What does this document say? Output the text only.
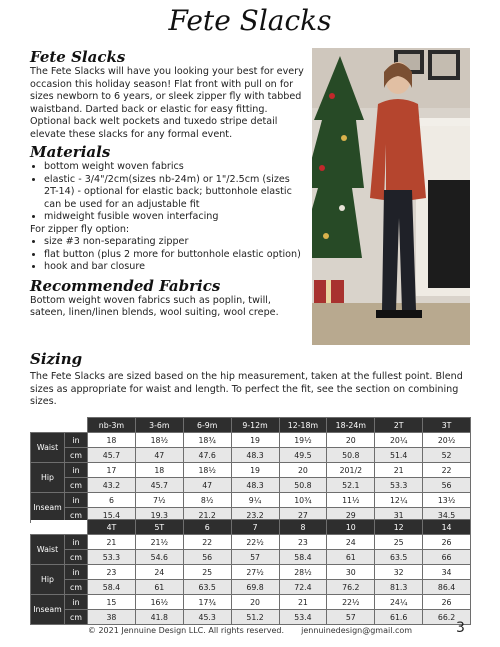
Fete Slacks
Fete Slacks

The Fete Slacks will have you looking your best for every occasion this holiday season! Flat front with pull on for sizes newborn to 6 years, or sleek zipper fly with tabbed waistband. Darted back or elastic for easy fitting. Optional back welt pockets and tuxedo stripe detail elevate these slacks for any formal event.

Materials
• bottom weight woven fabrics
• elastic - 3/4"/2cm(sizes nb-24m) or 1"/2.5cm (sizes 2T-14) - optional for elastic back; buttonhole elastic can be used for an adjustable fit
• midweight fusible woven interfacing

For zipper fly option:

• size #3 non-separating zipper
• flat button (plus 2 more for buttonhole elastic option)
• hook and bar closure
Recommended Fabrics

Bottom weight woven fabrics such as poplin, twill, sateen, linen/linen blends, wool suiting, wool crepe.

Sizing

The Fete Slacks are sized based on the hip measurement, taken at the fullest point. Blend sizes as appropriate for waist and length. To perfect the fit, see the section on combining sizes.

		nb-3m	3-6m	6-9m	9-12m	12-18m	18-24m	2T	3T
Waist	in	18	18½	18¾	19	19½	20	20¼	20½
	cm	45.7	47	47.6	48.3	49.5	50.8	51.4	52
Hip	in	17	18	18½	19	20	201/2	21	22
	cm	43.2	45.7	47	48.3	50.8	52.1	53.3	56
Inseam	in	6	7½	8½	9¼	10¾	11½	12¼	13½
	cm	15.4	19.3	21.2	23.2	27	29	31	34.5
		4T	5T	6	7	8	10	12	14
Waist	in	21	21½	22	22½	23	24	25	26
	cm	53.3	54.6	56	57	58.4	61	63.5	66
Hip	in	23	24	25	27½	28½	30	32	34
	cm	58.4	61	63.5	69.8	72.4	76.2	81.3	86.4
Inseam	in	15	16½	17¾	20	21	22½	24¼	26
	cm	38	41.8	45.3	51.2	53.4	57	61.6	66.2
© 2021 Jennuine Design LLC. All rights reserved. jennuinedesign@gmail.com	3
